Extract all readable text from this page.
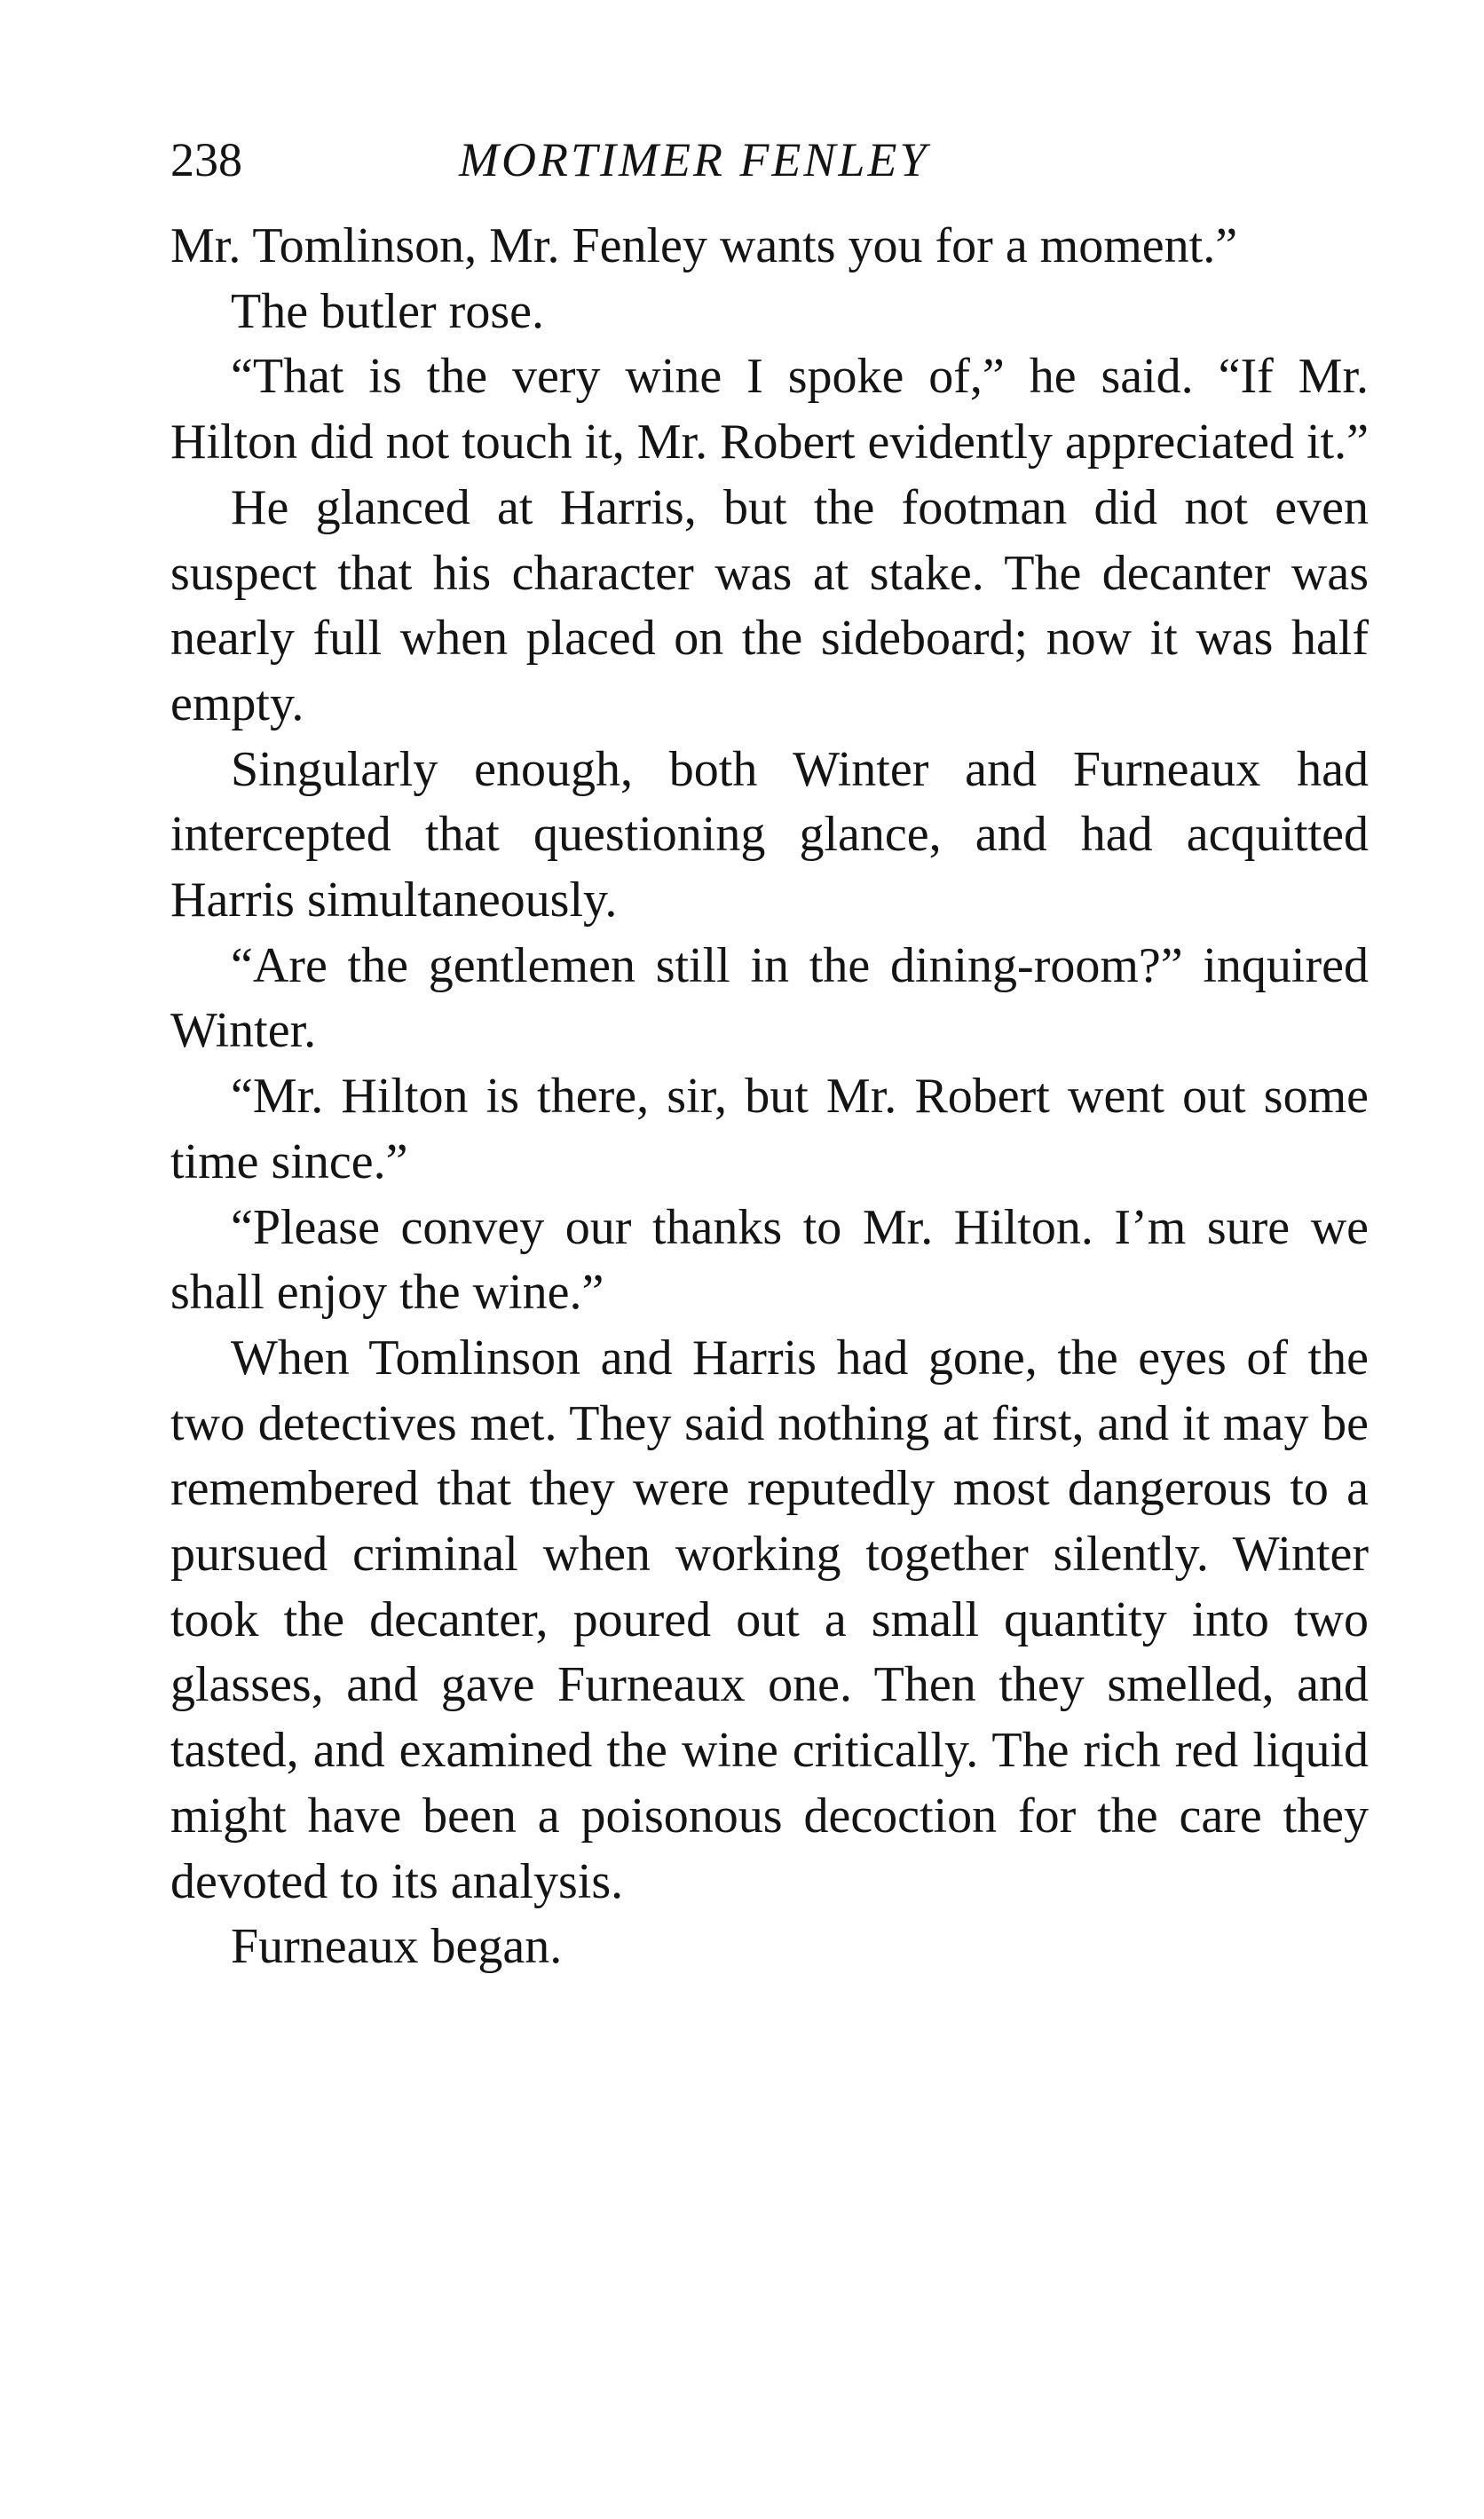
238	MORTIMER FENLEY

Mr. Tomlinson, Mr. Fenley wants you for a moment.”

The butler rose.

“That is the very wine I spoke of,” he said. “If Mr. Hilton did not touch it, Mr. Robert evidently appreciated it.”

He glanced at Harris, but the footman did not even suspect that his character was at stake. The decanter was nearly full when placed on the sideboard; now it was half empty.

Singularly enough, both Winter and Furneaux had intercepted that questioning glance, and had acquitted Harris simultaneously.

“Are the gentlemen still in the dining-room?” inquired Winter.

“Mr. Hilton is there, sir, but Mr. Robert went out some time since.”

“Please convey our thanks to Mr. Hilton. I’m sure we shall enjoy the wine.”

When Tomlinson and Harris had gone, the eyes of the two detectives met. They said nothing at first, and it may be remembered that they were reputedly most dangerous to a pursued criminal when working together silently. Winter took the decanter, poured out a small quantity into two glasses, and gave Furneaux one. Then they smelled, and tasted, and examined the wine critically. The rich red liquid might have been a poisonous decoction for the care they devoted to its analysis.

Furneaux began.
